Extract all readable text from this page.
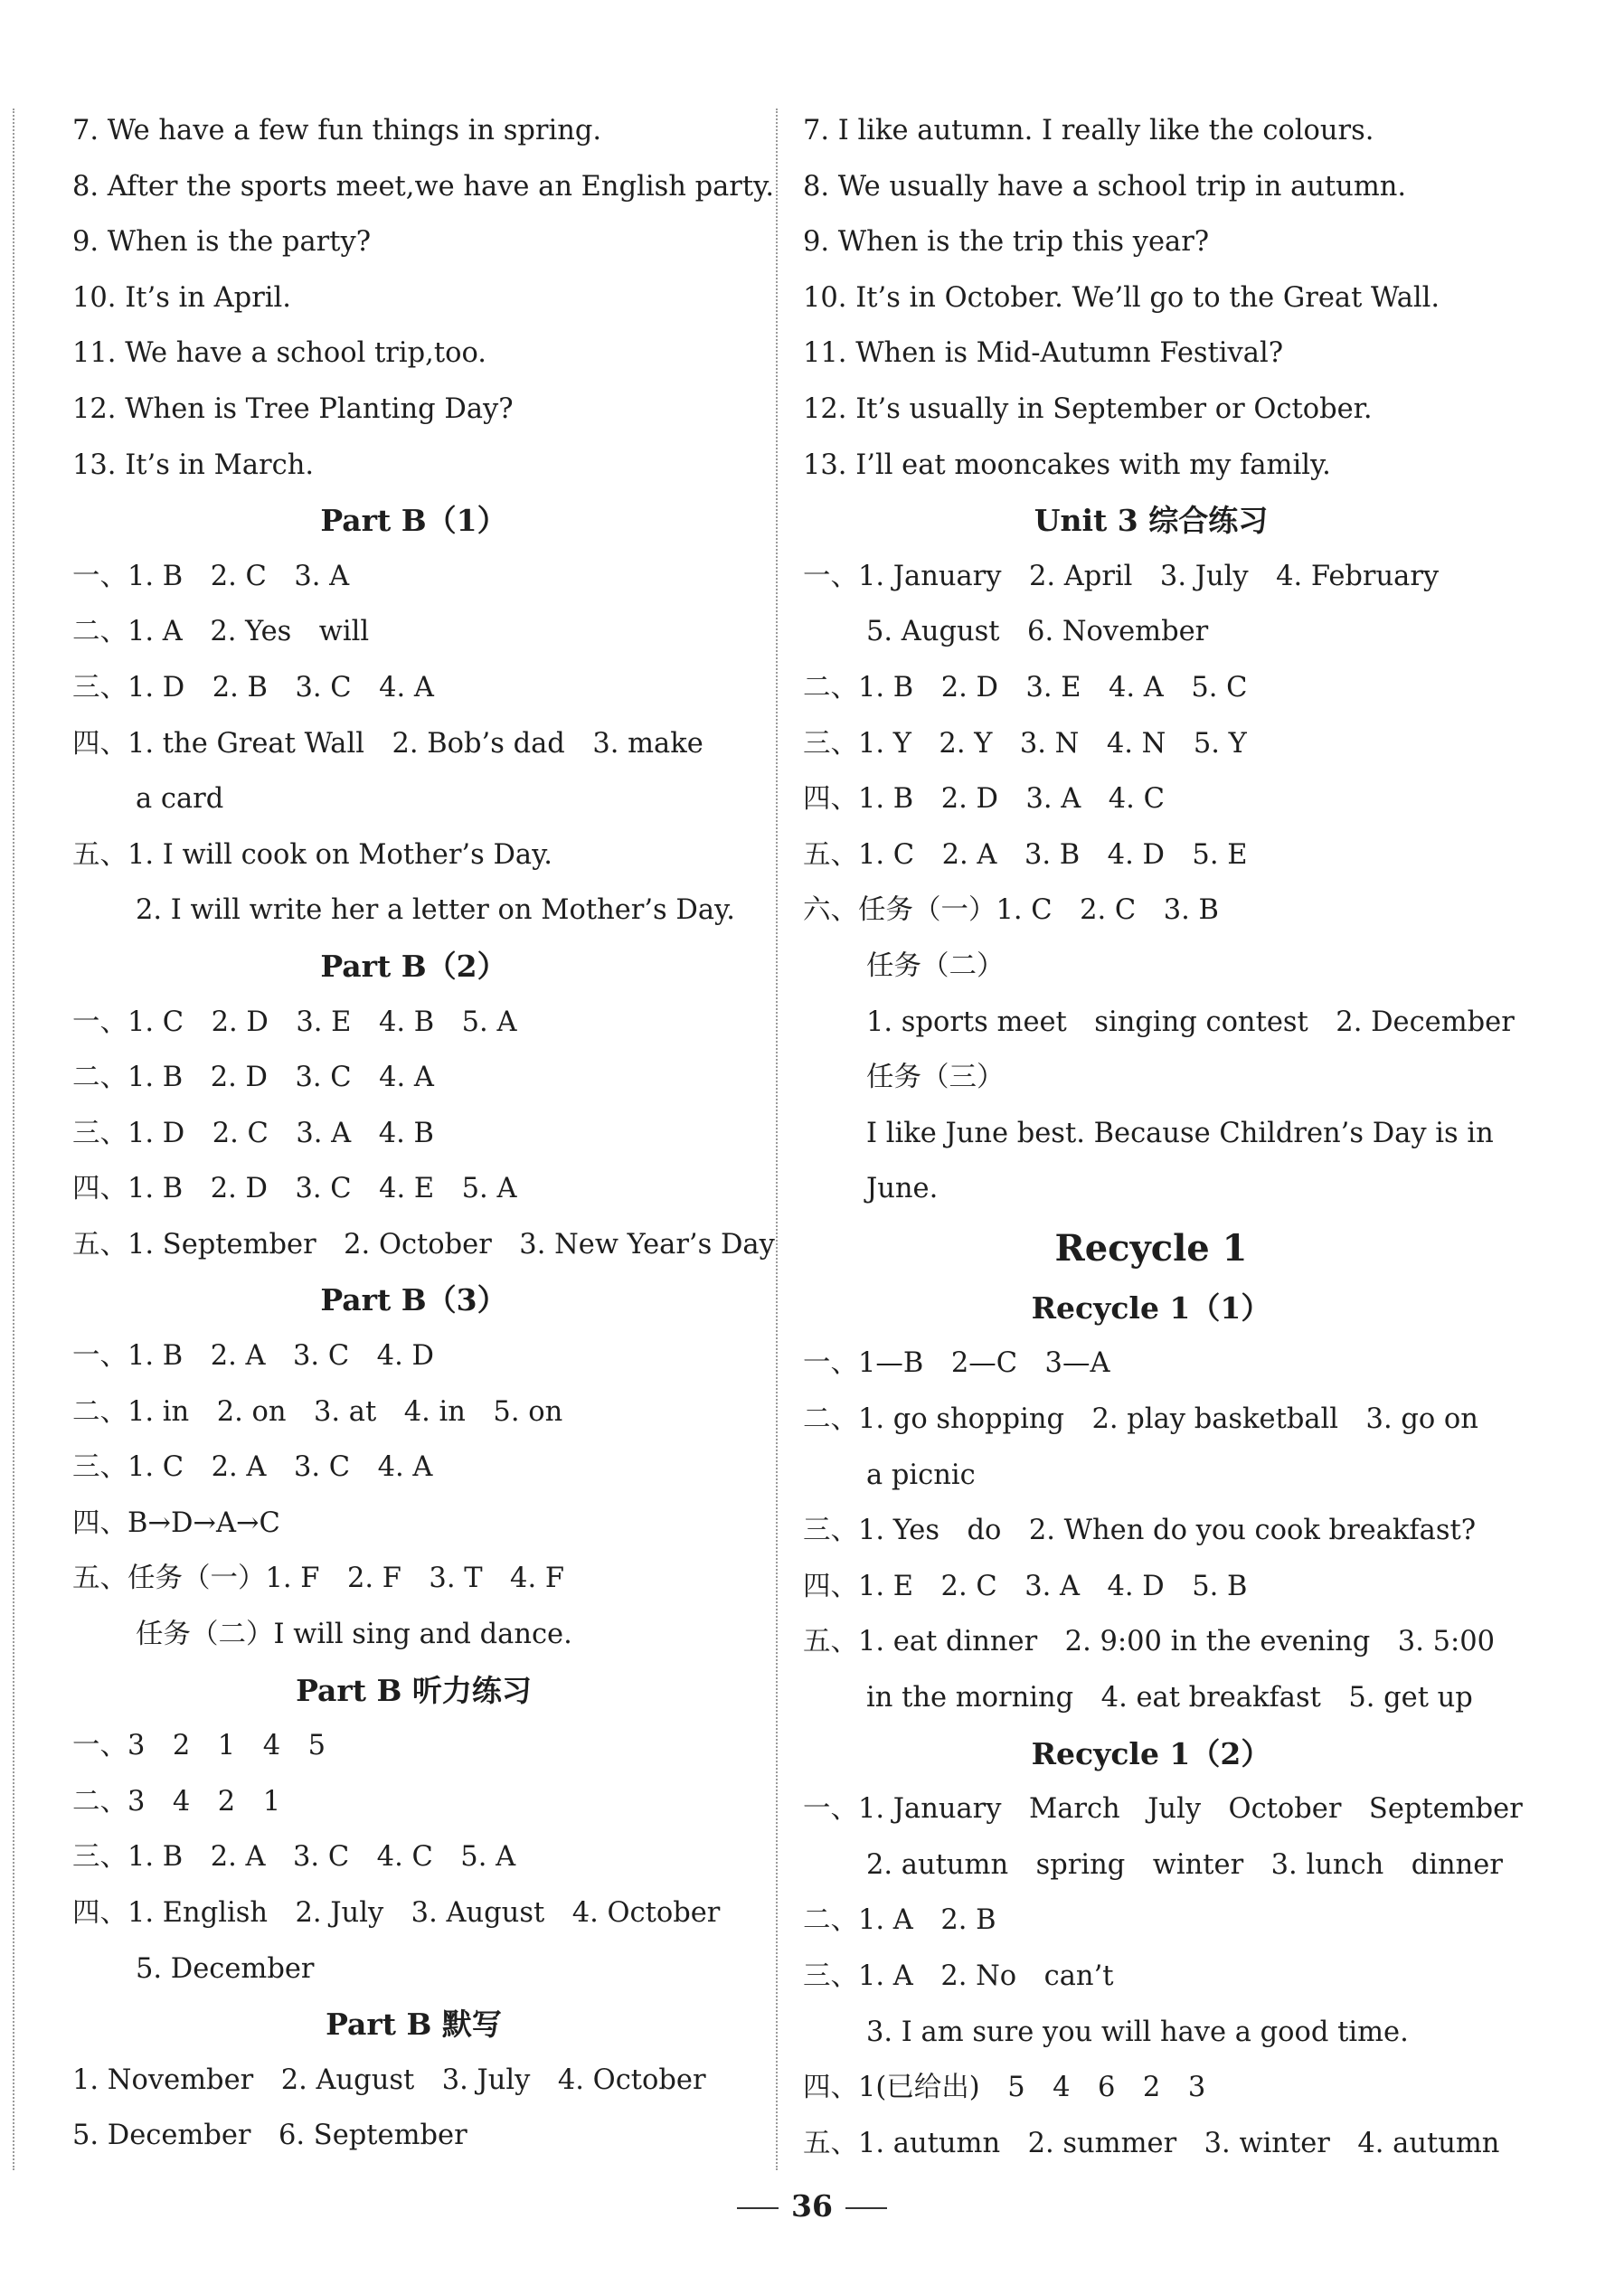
7. We have a few fun things in spring.
8. After the sports meet,we have an English party.
9. When is the party?
10. It’s in April.
11. We have a school trip,too.
12. When is Tree Planting Day?
13. It’s in March.
Part B（1）
一、1. B　2. C　3. A
二、1. A　2. Yes　will
三、1. D　2. B　3. C　4. A
四、1. the Great Wall　2. Bob’s dad　3. make
a card
五、1. I will cook on Mother’s Day.
2. I will write her a letter on Mother’s Day.
Part B（2）
一、1. C　2. D　3. E　4. B　5. A
二、1. B　2. D　3. C　4. A
三、1. D　2. C　3. A　4. B
四、1. B　2. D　3. C　4. E　5. A
五、1. September　2. October　3. New Year’s Day
Part B（3）
一、1. B　2. A　3. C　4. D
二、1. in　2. on　3. at　4. in　5. on
三、1. C　2. A　3. C　4. A
四、B→D→A→C
五、任务（一）1. F　2. F　3. T　4. F
任务（二）I will sing and dance.
Part B 听力练习
一、3　2　1　4　5
二、3　4　2　1
三、1. B　2. A　3. C　4. C　5. A
四、1. English　2. July　3. August　4. October
5. December
Part B 默写
1. November　2. August　3. July　4. October
5. December　6. September
7. I like autumn. I really like the colours.
8. We usually have a school trip in autumn.
9. When is the trip this year?
10. It’s in October. We’ll go to the Great Wall.
11. When is Mid-Autumn Festival?
12. It’s usually in September or October.
13. I’ll eat mooncakes with my family.
Unit 3 综合练习
一、1. January　2. April　3. July　4. February
5. August　6. November
二、1. B　2. D　3. E　4. A　5. C
三、1. Y　2. Y　3. N　4. N　5. Y
四、1. B　2. D　3. A　4. C
五、1. C　2. A　3. B　4. D　5. E
六、任务（一）1. C　2. C　3. B
任务（二）
1. sports meet　singing contest　2. December
任务（三）
I like June best. Because Children’s Day is in
June.
Recycle 1
Recycle 1（1）
一、1—B　2—C　3—A
二、1. go shopping　2. play basketball　3. go on
a picnic
三、1. Yes　do　2. When do you cook breakfast?
四、1. E　2. C　3. A　4. D　5. B
五、1. eat dinner　2. 9:00 in the evening　3. 5:00
in the morning　4. eat breakfast　5. get up
Recycle 1（2）
一、1. January　March　July　October　September
2. autumn　spring　winter　3. lunch　dinner
二、1. A　2. B
三、1. A　2. No　can’t
3. I am sure you will have a good time.
四、1(已给出)　5　4　6　2　3
五、1. autumn　2. summer　3. winter　4. autumn
36
